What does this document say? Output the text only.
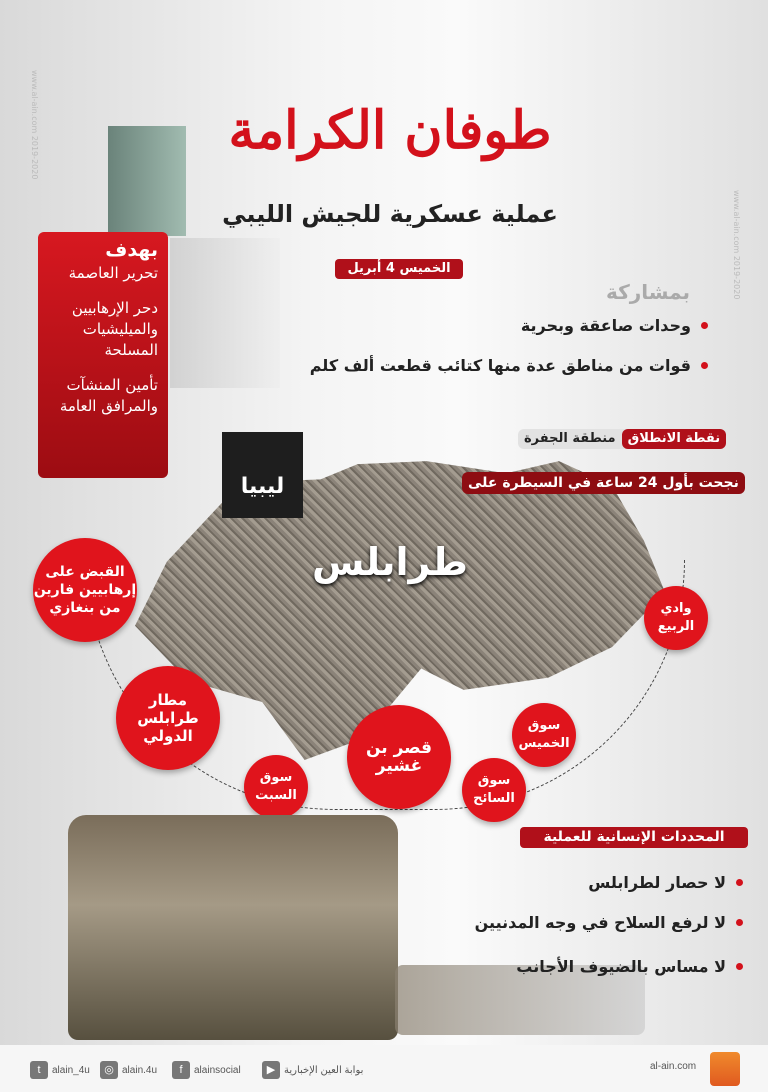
www.al-ain.com 2019-2020
www.al-ain.com 2019-2020
طوفان الكرامة
عملية عسكرية للجيش الليبي
الخميس 4 أبريل
بمشاركة
وحدات صاعقة وبحرية
قوات من مناطق عدة منها كتائب قطعت ألف كلم
بهدف

تحرير العاصمة

دحر الإرهابيين والميليشيات المسلحة

تأمين المنشآت والمرافق العامة

نقطة الانطلاق
منطقة الجفرة
نجحت بأول 24 ساعة في السيطرة على
طرابلس
ليبيا
القبض على إرهابيين فارين من بنغازي
مطار طرابلس الدولي
سوق السبت
قصر بن غشير
سوق السائح
سوق الخميس
وادي الربيع
المحددات الإنسانية للعملية
لا حصار لطرابلس
لا لرفع السلاح في وجه المدنيين
لا مساس بالضيوف الأجانب
t	alain_4u	◎ alain.4u	f	alainsocial	▶ بوابة العين الإخبارية	al-ain.com
